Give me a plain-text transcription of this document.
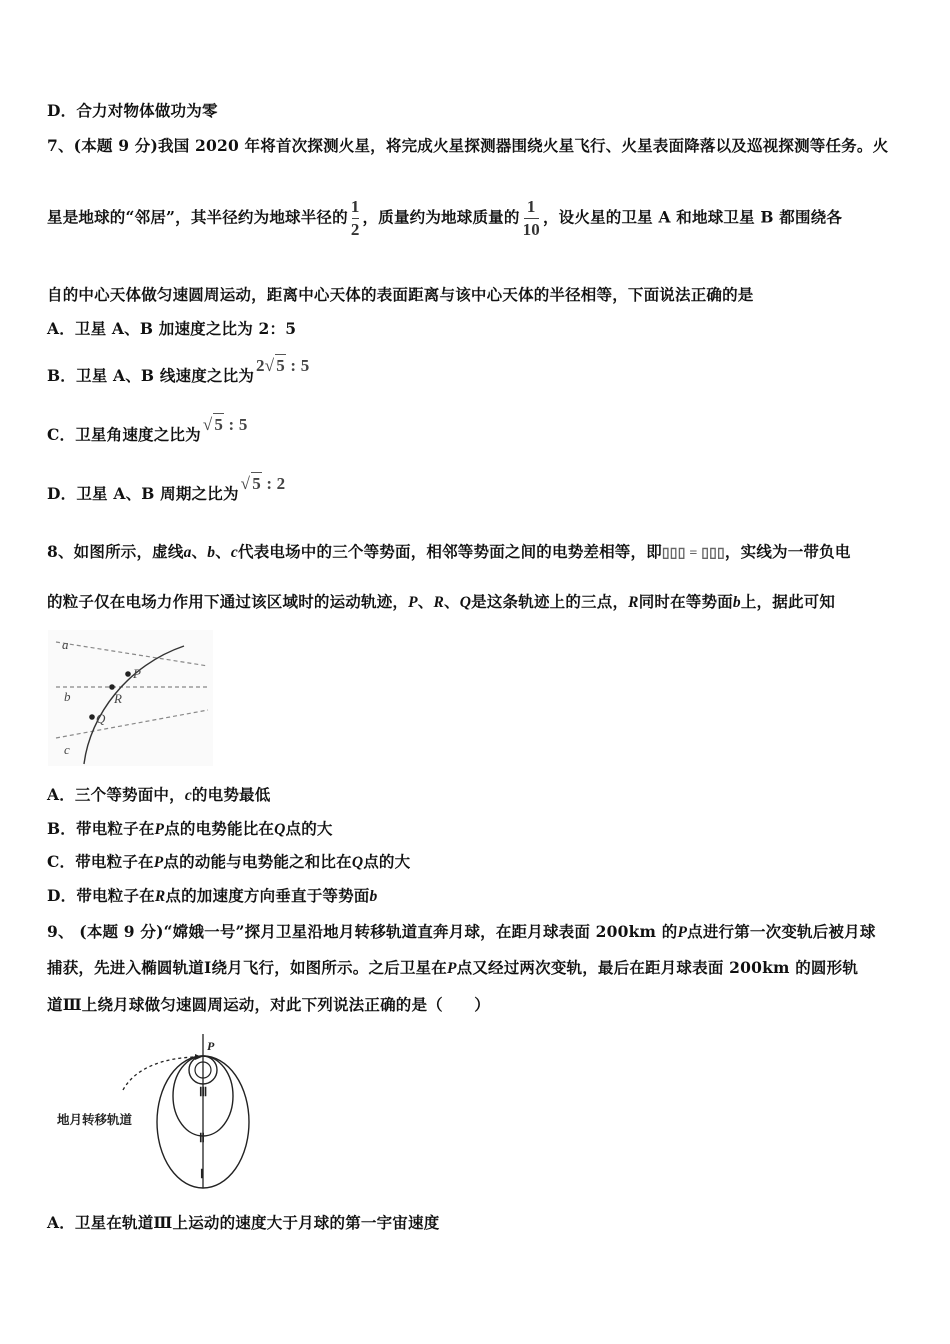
D．合力对物体做功为零
7、(本题 9 分)我国 2020 年将首次探测火星，将完成火星探测器围绕火星飞行、火星表面降落以及巡视探测等任务。火
星是地球的“邻居”，其半径约为地球半径的 $\frac{1}{2}$ ，质量约为地球质量的 $\frac{1}{10}$ ，设火星的卫星 A 和地球卫星 B 都围绕各
自的中心天体做匀速圆周运动，距离中心天体的表面距离与该中心天体的半径相等，下面说法正确的是
A．卫星 A、B 加速度之比为 2：5
B．卫星 A、B 线速度之比为2√ 5 : 5
C．卫星角速度之比为√ 5 : 5
D．卫星 A、B 周期之比为√ 5 : 2
8、如图所示，虚线a、b、c代表电场中的三个等势面，相邻等势面之间的电势差相等，即▯▯▯ = ▯▯▯，实线为一带负电
的粒子仅在电场力作用下通过该区域时的运动轨迹，P、R、Q是这条轨迹上的三点，R同时在等势面b上，据此可知
a
b
c
P
R
Q
A．三个等势面中，c的电势最低
B．带电粒子在P点的电势能比在Q点的大
C．带电粒子在P点的动能与电势能之和比在Q点的大
D．带电粒子在R点的加速度方向垂直于等势面b
9、 (本题 9 分)“嫦娥一号”探月卫星沿地月转移轨道直奔月球，在距月球表面 200km 的P点进行第一次变轨后被月球
捕获，先进入椭圆轨道Ⅰ绕月飞行，如图所示。之后卫星在P点又经过两次变轨，最后在距月球表面 200km 的圆形轨
道Ⅲ上绕月球做匀速圆周运动，对此下列说法正确的是（　　）
P
Ⅲ
Ⅱ
Ⅰ
地月转移轨道
A．卫星在轨道Ⅲ上运动的速度大于月球的第一宇宙速度
